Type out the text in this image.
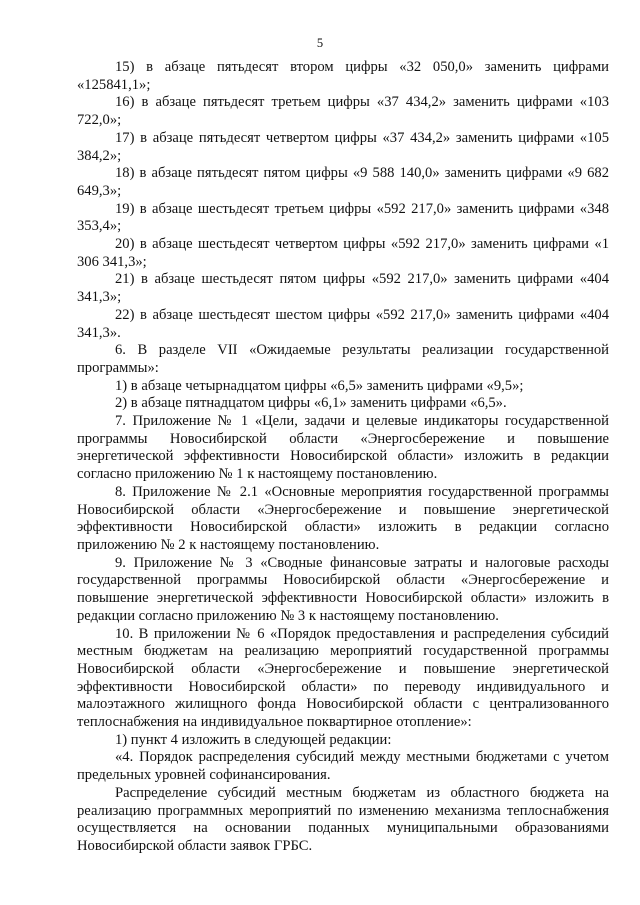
5

15) в абзаце пятьдесят втором цифры «32 050,0» заменить цифрами «125841,1»;

16) в абзаце пятьдесят третьем цифры «37 434,2» заменить цифрами «103 722,0»;

17) в абзаце пятьдесят четвертом цифры «37 434,2» заменить цифрами «105 384,2»;

18) в абзаце пятьдесят пятом цифры «9 588 140,0» заменить цифрами «9 682 649,3»;

19) в абзаце шестьдесят третьем цифры «592 217,0» заменить цифрами «348 353,4»;

20) в абзаце шестьдесят четвертом цифры «592 217,0» заменить цифрами «1 306 341,3»;

21) в абзаце шестьдесят пятом цифры «592 217,0» заменить цифрами «404 341,3»;

22) в абзаце шестьдесят шестом цифры «592 217,0» заменить цифрами «404 341,3».

6. В разделе VII «Ожидаемые результаты реализации государственной программы»:

1) в абзаце четырнадцатом цифры «6,5» заменить цифрами «9,5»;

2) в абзаце пятнадцатом цифры «6,1» заменить цифрами «6,5».

7. Приложение № 1 «Цели, задачи и целевые индикаторы государственной программы Новосибирской области «Энергосбережение и повышение энергетической эффективности Новосибирской области» изложить в редакции согласно приложению № 1 к настоящему постановлению.

8. Приложение № 2.1 «Основные мероприятия государственной программы Новосибирской области «Энергосбережение и повышение энергетической эффективности Новосибирской области» изложить в редакции согласно приложению № 2 к настоящему постановлению.

9. Приложение № 3 «Сводные финансовые затраты и налоговые расходы государственной программы Новосибирской области «Энергосбережение и повышение энергетической эффективности Новосибирской области» изложить в редакции согласно приложению № 3 к настоящему постановлению.

10. В приложении № 6 «Порядок предоставления и распределения субсидий местным бюджетам на реализацию мероприятий государственной программы Новосибирской области «Энергосбережение и повышение энергетической эффективности Новосибирской области» по переводу индивидуального и малоэтажного жилищного фонда Новосибирской области с централизованного теплоснабжения на индивидуальное поквартирное отопление»:

1) пункт 4 изложить в следующей редакции:

«4. Порядок распределения субсидий между местными бюджетами с учетом предельных уровней софинансирования.

Распределение субсидий местным бюджетам из областного бюджета на реализацию программных мероприятий по изменению механизма теплоснабжения осуществляется на основании поданных муниципальными образованиями Новосибирской области заявок ГРБС.
